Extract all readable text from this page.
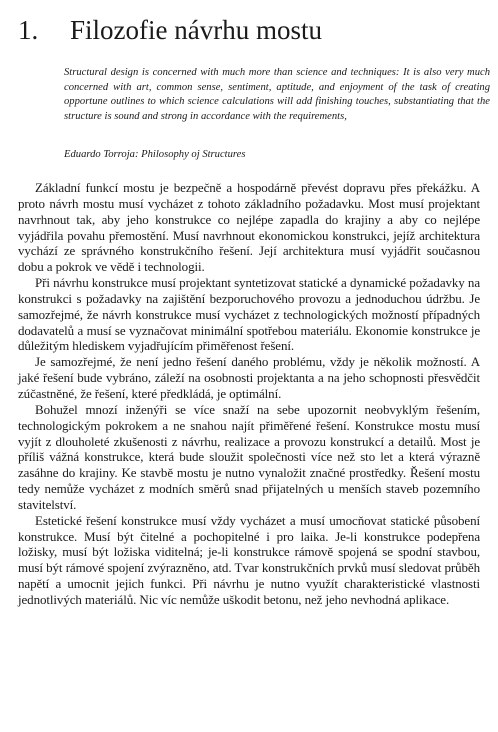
1. Filozofie návrhu mostu

Structural design is concerned with much more than science and techniques: It is also very much concerned with art, common sense, sentiment, aptitude, and enjoyment of the task of creating opportune outlines to which science calculations will add finishing touches, substantiating that the structure is sound and strong in accordance with the requirements,

Eduardo Torroja: Philosophy oj Structures

Základní funkcí mostu je bezpečně a hospodárně převést dopravu přes překážku. A proto návrh mostu musí vycházet z tohoto základního požadavku. Most musí projektant navrhnout tak, aby jeho konstrukce co nejlépe zapadla do krajiny a aby co nejlépe vyjádřila povahu přemostění. Musí navrhnout ekonomickou konstrukci, jejíž architektura vychází ze správného konstrukčního řešení. Její architektura musí vyjádřit současnou dobu a pokrok ve vědě i technologii.

Při návrhu konstrukce musí projektant syntetizovat statické a dynamické požadavky na konstrukci s požadavky na zajištění bezporuchového provozu a jednoduchou údržbu. Je samozřejmé, že návrh konstrukce musí vycházet z technologických možností případných dodavatelů a musí se vyznačovat minimální spotřebou materiálu. Ekonomie konstrukce je důležitým hlediskem vyjadřujícím přiměřenost řešení.

Je samozřejmé, že není jedno řešení daného problému, vždy je několik možností. A jaké řešení bude vybráno, záleží na osobnosti projektanta a na jeho schopnosti přesvědčit zúčastněné, že řešení, které předkládá, je optimální.

Bohužel mnozí inženýři se více snaží na sebe upozornit neobvyklým řešením, technologickým pokrokem a ne snahou najít přiměřené řešení. Konstrukce mostu musí vyjít z dlouholeté zkušenosti z návrhu, realizace a provozu konstrukcí a detailů. Most je příliš vážná konstrukce, která bude sloužit společnosti více než sto let a která výrazně zasáhne do krajiny. Ke stavbě mostu je nutno vynaložit značné prostředky. Řešení mostu tedy nemůže vycházet z modních směrů snad přijatelných u menších staveb pozemního stavitelství.

Estetické řešení konstrukce musí vždy vycházet a musí umocňovat statické působení konstrukce. Musí být čitelné a pochopitelné i pro laika. Je-li konstrukce podepřena ložisky, musí být ložiska viditelná; je-li konstrukce rámově spojená se spodní stavbou, musí být rámové spojení zvýrazněno, atd. Tvar konstrukčních prvků musí sledovat průběh napětí a umocnit jejich funkci. Při návrhu je nutno využít charakteristické vlastnosti jednotlivých materiálů. Nic víc nemůže uškodit betonu, než jeho nevhodná aplikace.
